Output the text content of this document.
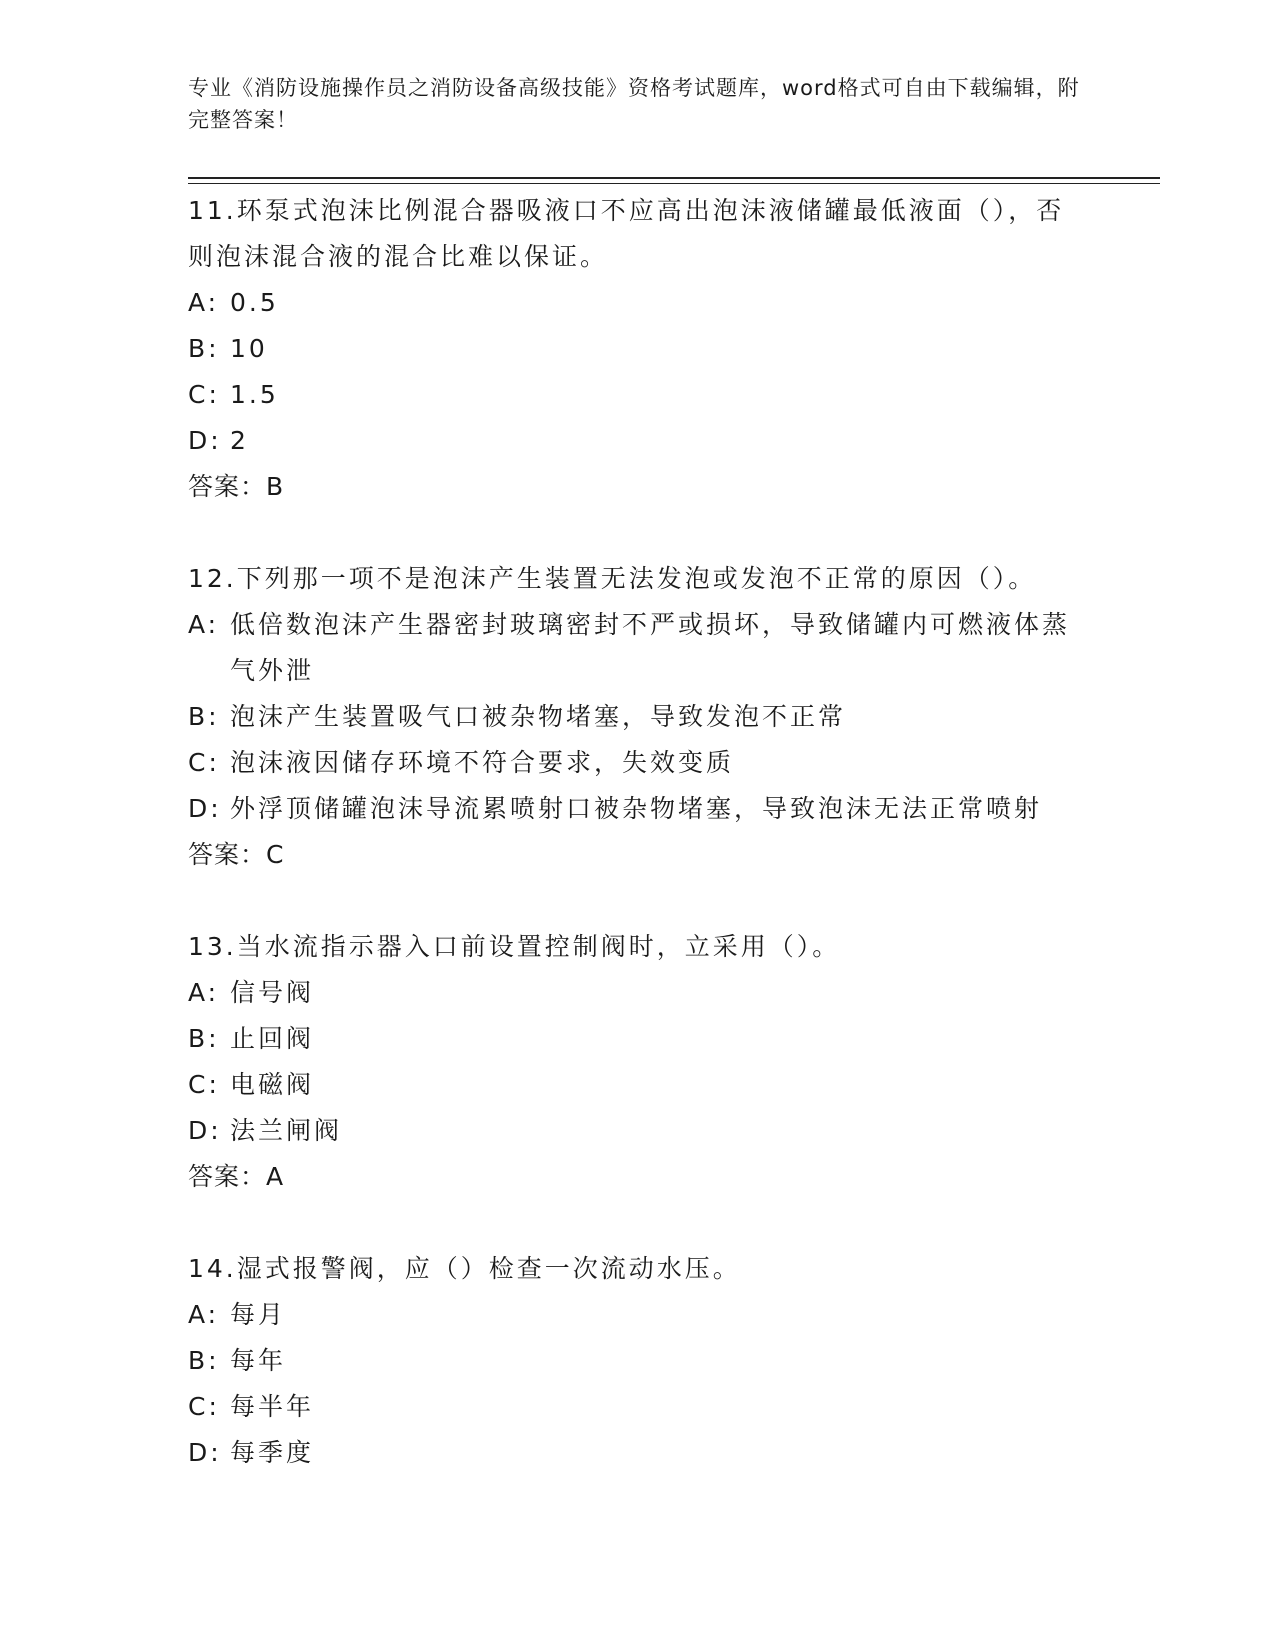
专业《消防设施操作员之消防设备高级技能》资格考试题库，word格式可自由下载编辑，附完整答案！

11.环泵式泡沫比例混合器吸液口不应高出泡沫液储罐最低液面（），否则泡沫混合液的混合比难以保证。

A: 0.5
B: 10
C: 1.5
D: 2

答案：B

12.下列那一项不是泡沫产生装置无法发泡或发泡不正常的原因（）。

A: 低倍数泡沫产生器密封玻璃密封不严或损坏，导致储罐内可燃液体蒸气外泄
B: 泡沫产生装置吸气口被杂物堵塞，导致发泡不正常
C: 泡沫液因储存环境不符合要求，失效变质
D: 外浮顶储罐泡沫导流累喷射口被杂物堵塞，导致泡沫无法正常喷射

答案：C

13.当水流指示器入口前设置控制阀时，立采用（）。

A: 信号阀
B: 止回阀
C: 电磁阀
D: 法兰闸阀

答案：A

14.湿式报警阀，应（）检查一次流动水压。

A: 每月
B: 每年
C: 每半年
D: 每季度
